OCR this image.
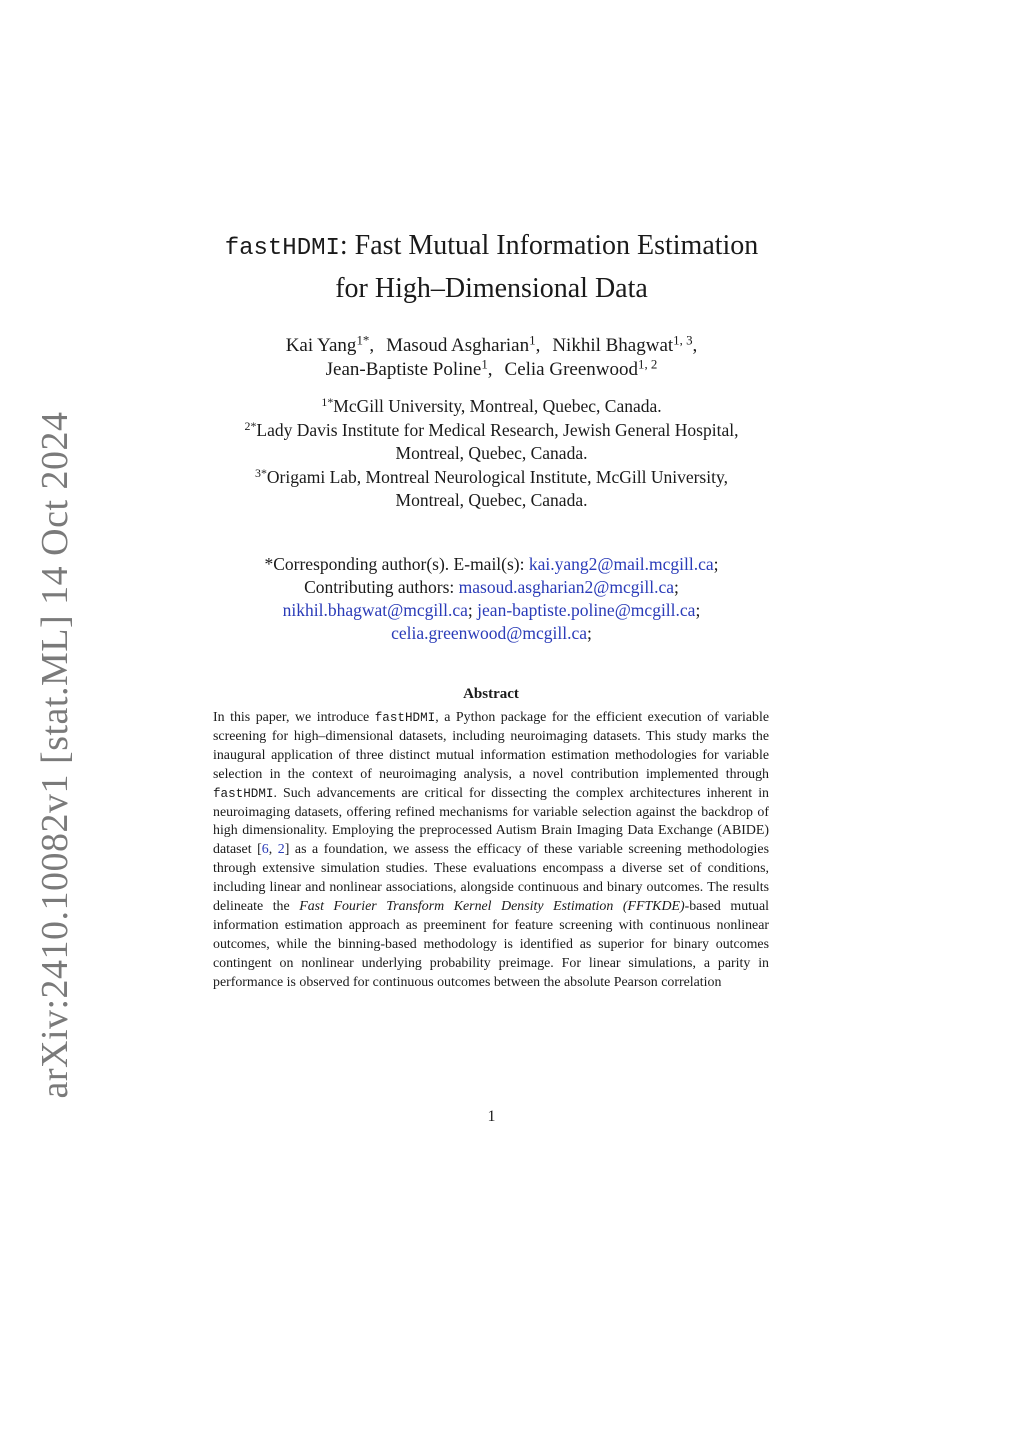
arXiv:2410.10082v1 [stat.ML] 14 Oct 2024
fastHDMI: Fast Mutual Information Estimation
for High–Dimensional Data
Kai Yang$^{1*}$, Masoud Asgharian$^1$, Nikhil Bhagwat$^{1, 3}$,
Jean-Baptiste Poline$^1$, Celia Greenwood$^{1, 2}$
$^{1*}$McGill University, Montreal, Quebec, Canada.
$^{2*}$Lady Davis Institute for Medical Research, Jewish General Hospital,
Montreal, Quebec, Canada.
$^{3*}$Origami Lab, Montreal Neurological Institute, McGill University,
Montreal, Quebec, Canada.
*Corresponding author(s). E-mail(s): kai.yang2@mail.mcgill.ca;
Contributing authors: masoud.asgharian2@mcgill.ca;
nikhil.bhagwat@mcgill.ca; jean-baptiste.poline@mcgill.ca;
celia.greenwood@mcgill.ca;
Abstract
In this paper, we introduce fastHDMI, a Python package for the efficient execution of variable screening for high–dimensional datasets, including neuroimaging datasets. This study marks the inaugural application of three distinct mutual information estimation methodologies for variable selection in the context of neuroimaging analysis, a novel contribution implemented through fastHDMI. Such advancements are critical for dissecting the complex architectures inherent in neuroimaging datasets, offering refined mechanisms for variable selection against the backdrop of high dimensionality. Employing the preprocessed Autism Brain Imaging Data Exchange (ABIDE) dataset [6, 2] as a foundation, we assess the efficacy of these variable screening methodologies through extensive simulation studies. These evaluations encompass a diverse set of conditions, including linear and nonlinear associations, alongside continuous and binary outcomes. The results delineate the Fast Fourier Transform Kernel Density Estimation (FFTKDE)-based mutual information estimation approach as preeminent for feature screening with continuous nonlinear outcomes, while the binning-based methodology is identified as superior for binary outcomes contingent on nonlinear underlying probability preimage. For linear simulations, a parity in performance is observed for continuous outcomes between the absolute Pearson correlation
1
